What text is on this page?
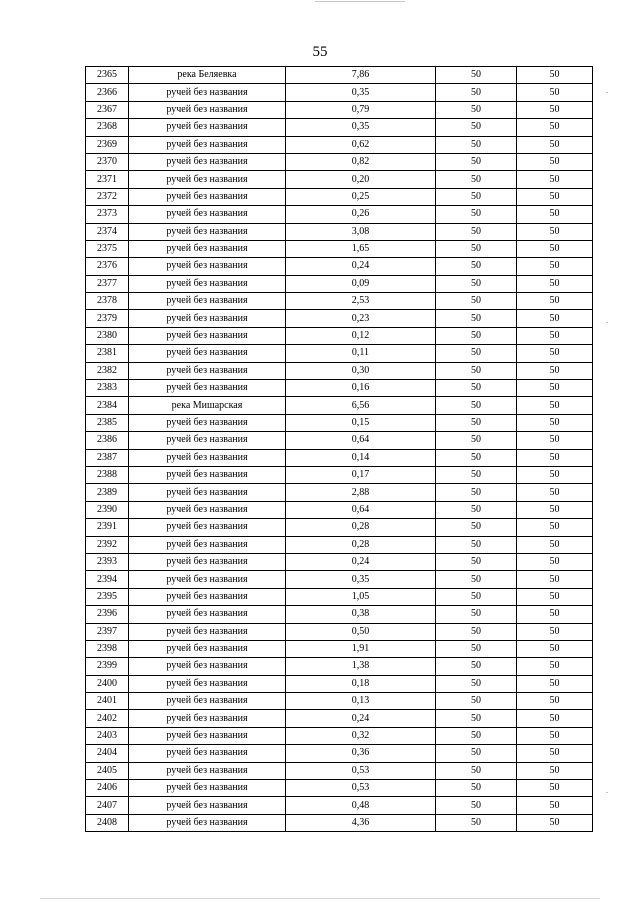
55
2365	река Беляевка	7,86	50	50
2366	ручей без названия	0,35	50	50
2367	ручей без названия	0,79	50	50
2368	ручей без названия	0,35	50	50
2369	ручей без названия	0,62	50	50
2370	ручей без названия	0,82	50	50
2371	ручей без названия	0,20	50	50
2372	ручей без названия	0,25	50	50
2373	ручей без названия	0,26	50	50
2374	ручей без названия	3,08	50	50
2375	ручей без названия	1,65	50	50
2376	ручей без названия	0,24	50	50
2377	ручей без названия	0,09	50	50
2378	ручей без названия	2,53	50	50
2379	ручей без названия	0,23	50	50
2380	ручей без названия	0,12	50	50
2381	ручей без названия	0,11	50	50
2382	ручей без названия	0,30	50	50
2383	ручей без названия	0,16	50	50
2384	река Мишарская	6,56	50	50
2385	ручей без названия	0,15	50	50
2386	ручей без названия	0,64	50	50
2387	ручей без названия	0,14	50	50
2388	ручей без названия	0,17	50	50
2389	ручей без названия	2,88	50	50
2390	ручей без названия	0,64	50	50
2391	ручей без названия	0,28	50	50
2392	ручей без названия	0,28	50	50
2393	ручей без названия	0,24	50	50
2394	ручей без названия	0,35	50	50
2395	ручей без названия	1,05	50	50
2396	ручей без названия	0,38	50	50
2397	ручей без названия	0,50	50	50
2398	ручей без названия	1,91	50	50
2399	ручей без названия	1,38	50	50
2400	ручей без названия	0,18	50	50
2401	ручей без названия	0,13	50	50
2402	ручей без названия	0,24	50	50
2403	ручей без названия	0,32	50	50
2404	ручей без названия	0,36	50	50
2405	ручей без названия	0,53	50	50
2406	ручей без названия	0,53	50	50
2407	ручей без названия	0,48	50	50
2408	ручей без названия	4,36	50	50
